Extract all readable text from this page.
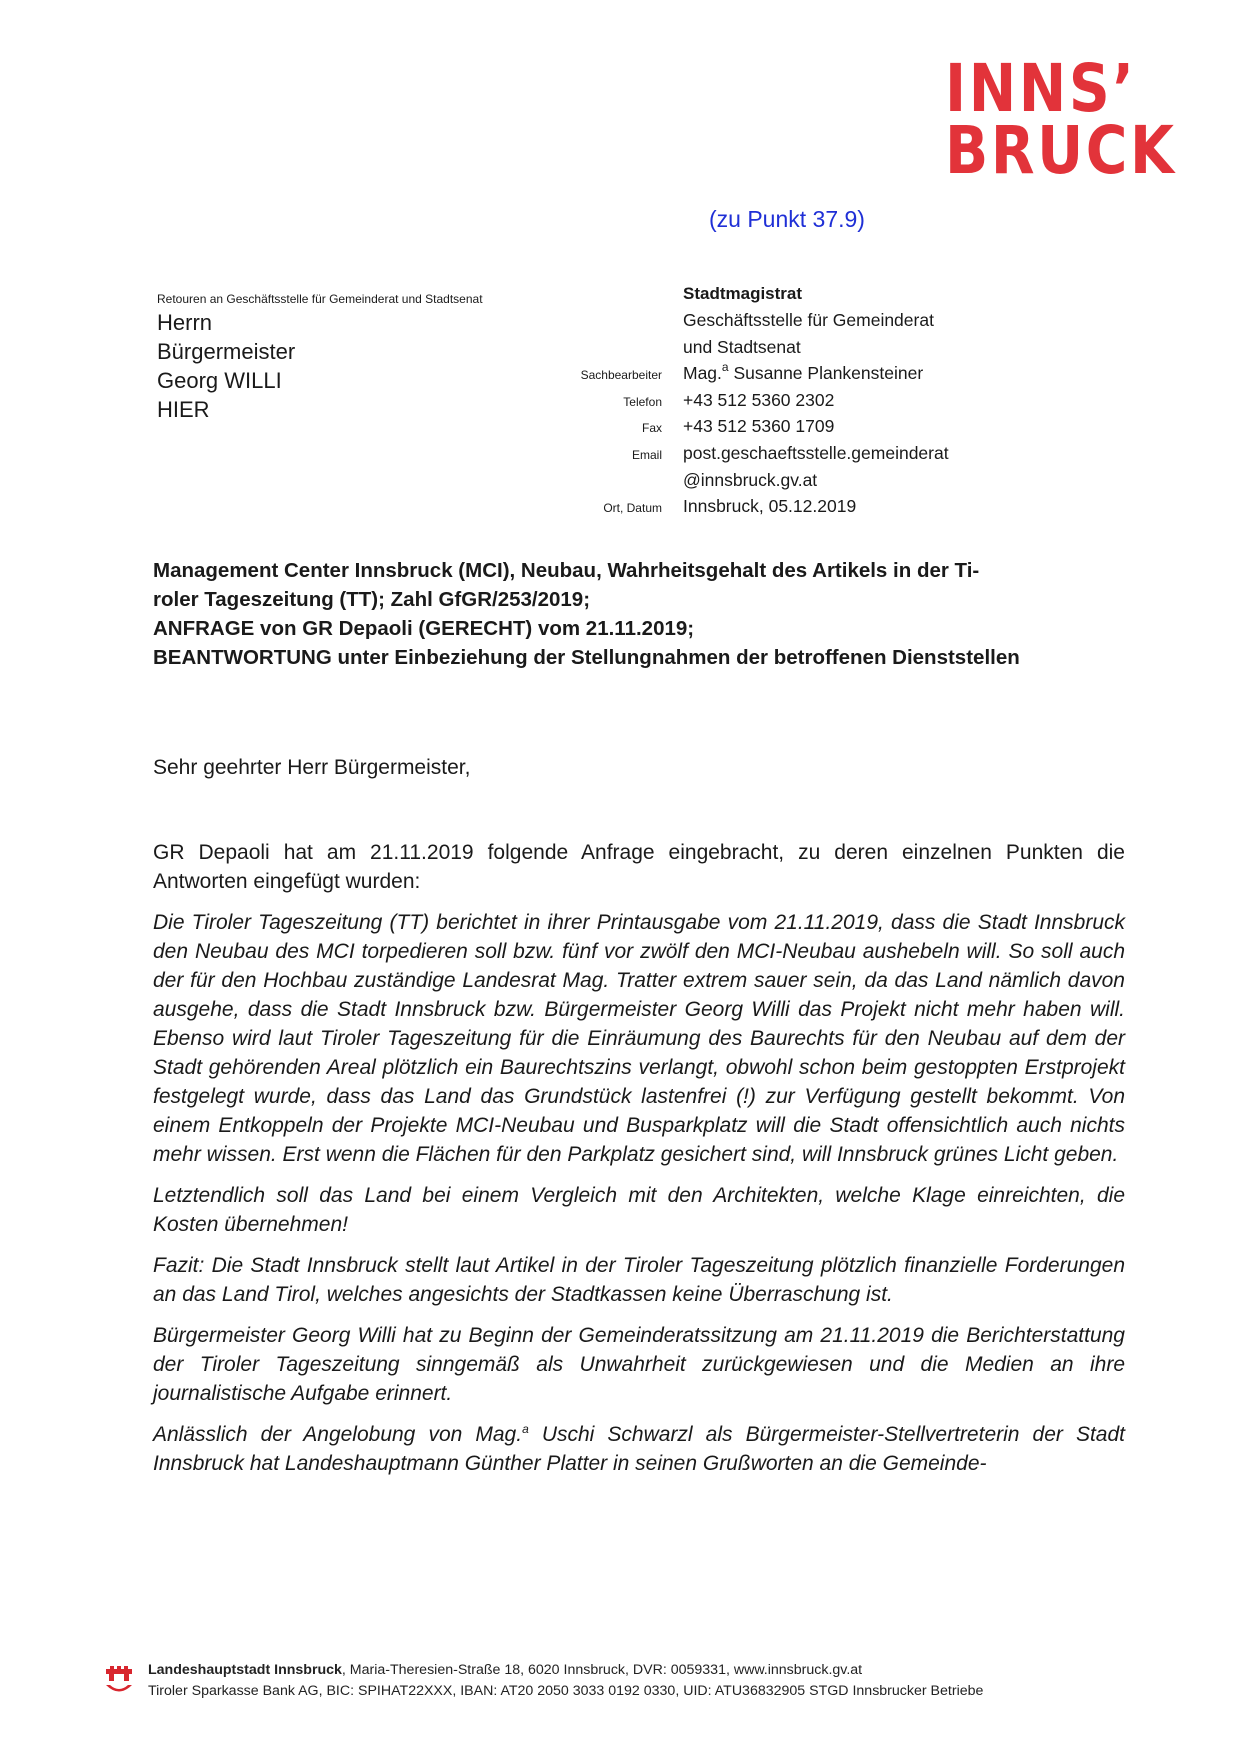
INNS’
BRUCK
(zu Punkt 37.9)
Retouren an Geschäftsstelle für Gemeinderat und Stadtsenat
Herrn
Bürgermeister
Georg WILLI
HIER
Stadtmagistrat
Geschäftsstelle für Gemeinderat
und Stadtsenat
Sachbearbeiter	Mag.$^a$ Susanne Plankensteiner
Telefon	+43 512 5360 2302
Fax	+43 512 5360 1709
Email	post.geschaeftsstelle.gemeinderat
@innsbruck.gv.at
Ort, Datum	Innsbruck, 05.12.2019
Management Center Innsbruck (MCI), Neubau, Wahrheitsgehalt des Artikels in der Ti-
roler Tageszeitung (TT); Zahl GfGR/253/2019;
ANFRAGE von GR Depaoli (GERECHT) vom 21.11.2019;
BEANTWORTUNG unter Einbeziehung der Stellungnahmen der betroffenen Dienststellen
Sehr geehrter Herr Bürgermeister,

GR Depaoli hat am 21.11.2019 folgende Anfrage eingebracht, zu deren einzelnen Punkten die Antworten eingefügt wurden:

Die Tiroler Tageszeitung (TT) berichtet in ihrer Printausgabe vom 21.11.2019, dass die Stadt Innsbruck den Neubau des MCI torpedieren soll bzw. fünf vor zwölf den MCI-Neubau aushebeln will. So soll auch der für den Hochbau zuständige Landesrat Mag. Tratter extrem sauer sein, da das Land nämlich davon ausgehe, dass die Stadt Innsbruck bzw. Bürgermeister Georg Willi das Projekt nicht mehr haben will. Ebenso wird laut Tiroler Tageszeitung für die Einräumung des Baurechts für den Neubau auf dem der Stadt gehörenden Areal plötzlich ein Baurechtszins verlangt, obwohl schon beim gestoppten Erstprojekt festgelegt wurde, dass das Land das Grundstück lastenfrei (!) zur Verfügung gestellt bekommt. Von einem Entkoppeln der Projekte MCI-Neubau und Busparkplatz will die Stadt offensichtlich auch nichts mehr wissen. Erst wenn die Flächen für den Parkplatz gesichert sind, will Innsbruck grünes Licht geben.

Letztendlich soll das Land bei einem Vergleich mit den Architekten, welche Klage einreichten, die Kosten übernehmen!

Fazit: Die Stadt Innsbruck stellt laut Artikel in der Tiroler Tageszeitung plötzlich finanzielle Forderungen an das Land Tirol, welches angesichts der Stadtkassen keine Überraschung ist.

Bürgermeister Georg Willi hat zu Beginn der Gemeinderatssitzung am 21.11.2019 die Berichterstattung der Tiroler Tageszeitung sinngemäß als Unwahrheit zurückgewiesen und die Medien an ihre journalistische Aufgabe erinnert.

Anlässlich der Angelobung von Mag.$^a$ Uschi Schwarzl als Bürgermeister-Stellvertreterin der Stadt Innsbruck hat Landeshauptmann Günther Platter in seinen Grußworten an die Gemeinde-

Landeshauptstadt Innsbruck, Maria-Theresien-Straße 18, 6020 Innsbruck, DVR: 0059331, www.innsbruck.gv.at
Tiroler Sparkasse Bank AG, BIC: SPIHAT22XXX, IBAN: AT20 2050 3033 0192 0330, UID: ATU36832905 STGD Innsbrucker Betriebe
